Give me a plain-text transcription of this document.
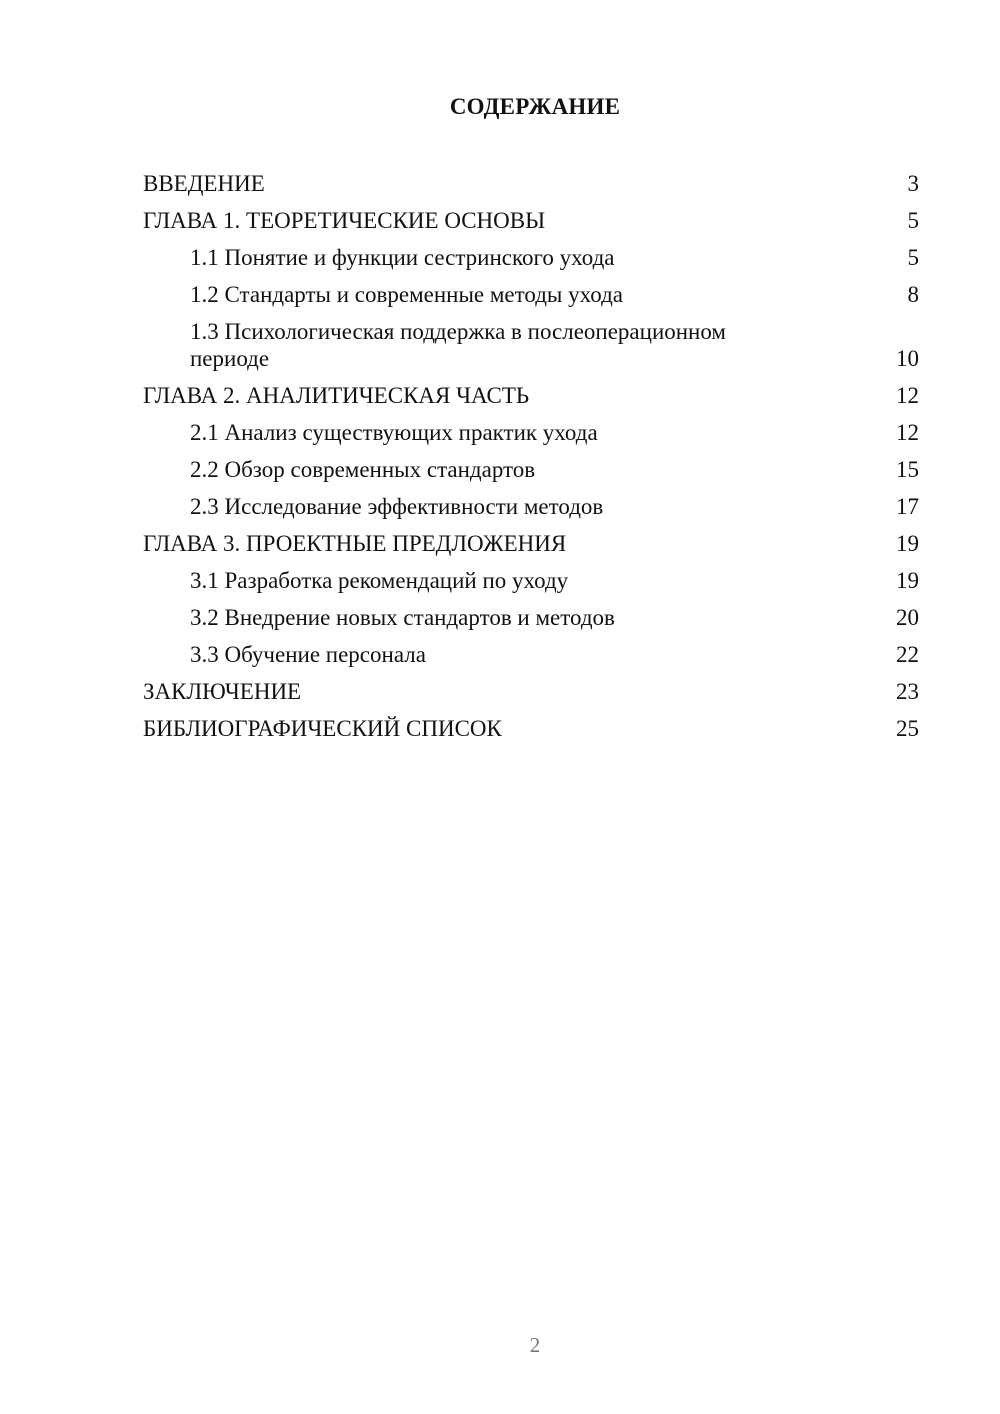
СОДЕРЖАНИЕ
ВВЕДЕНИЕ	3
ГЛАВА 1. ТЕОРЕТИЧЕСКИЕ ОСНОВЫ	5
1.1 Понятие и функции сестринского ухода	5
1.2 Стандарты и современные методы ухода	8
1.3 Психологическая поддержка в послеоперационном периоде	10
ГЛАВА 2. АНАЛИТИЧЕСКАЯ ЧАСТЬ	12
2.1 Анализ существующих практик ухода	12
2.2 Обзор современных стандартов	15
2.3 Исследование эффективности методов	17
ГЛАВА 3. ПРОЕКТНЫЕ ПРЕДЛОЖЕНИЯ	19
3.1 Разработка рекомендаций по уходу	19
3.2 Внедрение новых стандартов и методов	20
3.3 Обучение персонала	22
ЗАКЛЮЧЕНИЕ	23
БИБЛИОГРАФИЧЕСКИЙ СПИСОК	25
2
